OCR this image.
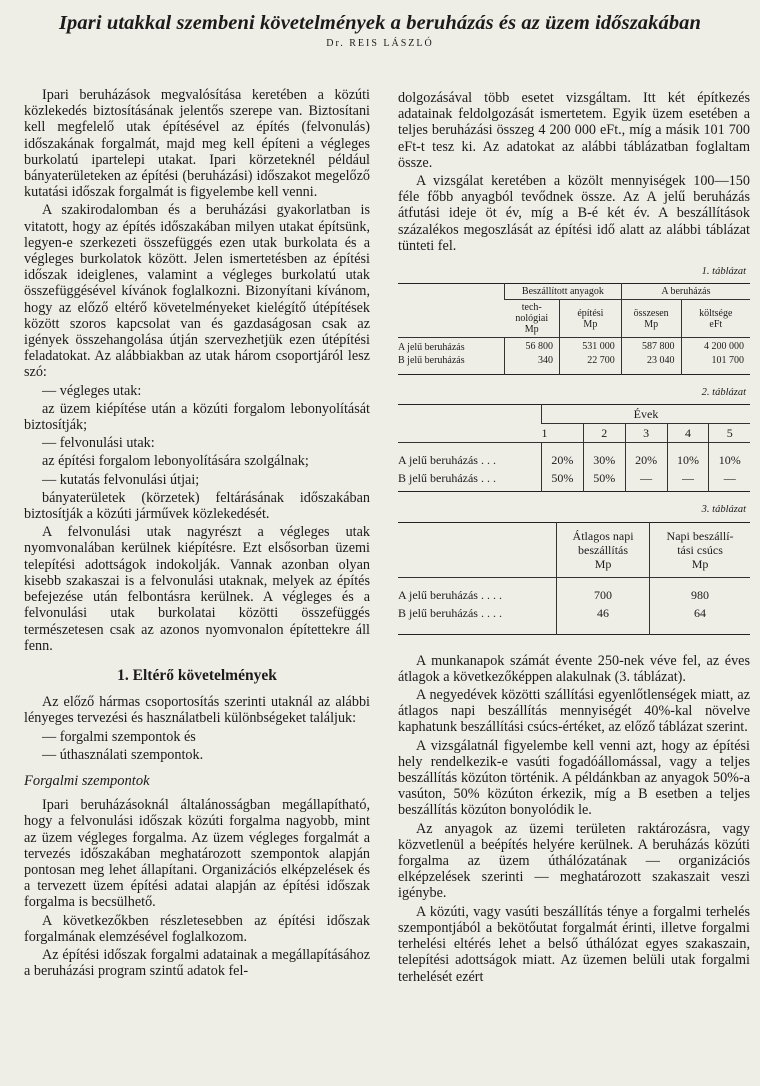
Ipari utakkal szembeni követelmények a beruházás és az üzem időszakában
Dr. REIS LÁSZLÓ

Ipari beruházások megvalósítása keretében a közúti közlekedés biztosításának jelentős szerepe van. Biztosítani kell megfelelő utak építésével az építés (felvonulás) időszakának forgalmát, majd meg kell építeni a végleges burkolatú ipartelepi utakat. Ipari körzeteknél például bányaterületeken az építési (beruházási) időszakot megelőző kutatási időszak forgalmát is figyelembe kell venni.

A szakirodalomban és a beruházási gyakorlatban is vitatott, hogy az építés időszakában milyen utakat építsünk, legyen-e szerkezeti összefüggés ezen utak burkolata és a végleges burkolatok között. Jelen ismertetésben az építési időszak ideiglenes, valamint a végleges burkolatú utak összefüggésével kívánok foglalkozni. Bizonyítani kívánom, hogy az előző eltérő követelményeket kielégítő útépítések között szoros kapcsolat van és gazdaságosan csak az igények összehangolása útján szervezhetjük ezen útépítési feladatokat. Az alábbiakban az utak három csoportjáról lesz szó:

— végleges utak:

az üzem kiépítése után a közúti forgalom lebonyolítását biztosítják;

— felvonulási utak:

az építési forgalom lebonyolítására szolgálnak;

— kutatás felvonulási útjai;

bányaterületek (körzetek) feltárásának időszakában biztosítják a közúti járművek közlekedését.

A felvonulási utak nagyrészt a végleges utak nyomvonalában kerülnek kiépítésre. Ezt elsősorban üzemi telepítési adottságok indokolják. Vannak azonban olyan kisebb szakaszai is a felvonulási utaknak, melyek az építés befejezése után felbontásra kerülnek. A végleges és a felvonulási utak burkolatai közötti összefüggés természetesen csak az azonos nyomvonalon építettekre áll fenn.

1. Eltérő követelmények

Az előző hármas csoportosítás szerinti utaknál az alábbi lényeges tervezési és használatbeli különbségeket találjuk:

— forgalmi szempontok és

— úthasználati szempontok.

Forgalmi szempontok

Ipari beruházásoknál általánosságban megállapítható, hogy a felvonulási időszak közúti forgalma nagyobb, mint az üzem végleges forgalma. Az üzem végleges forgalmát a tervezés időszakában meghatározott szempontok alapján pontosan meg lehet állapítani. Organizációs elképzelések és a tervezett üzem építési adatai alapján az építési időszak forgalma is becsülhető.

A következőkben részletesebben az építési időszak forgalmának elemzésével foglalkozom.

Az építési időszak forgalmi adatainak a megállapításához a beruházási program szintű adatok fel-

dolgozásával több esetet vizsgáltam. Itt két építkezés adatainak feldolgozását ismertetem. Egyik üzem esetében a teljes beruházási összeg 4 200 000 eFt., míg a másik 101 700 eFt-t tesz ki. Az adatokat az alábbi táblázatban foglaltam össze.

A vizsgálat keretében a közölt mennyiségek 100—150 féle főbb anyagból tevődnek össze. Az A jelű beruházás átfutási ideje öt év, míg a B-é két év. A beszállítások százalékos megoszlását az építési idő alatt az alábbi táblázat tünteti fel.

1. táblázat
	Beszállított anyagok		A beruházás	
	tech-
nológiai
Mp	építési
Mp	összesen
Mp	költsége
eFt
A jelű beruházás	56 800	531 000	587 800	4 200 000
B jelű beruházás	340	22 700	23 040	101 700
2. táblázat
	Évek				
	1	2	3	4	5
A jelű beruházás . . .	20%	30%	20%	10%	10%
B jelű beruházás . . .	50%	50%	—	—	—
3. táblázat
	Átlagos napi
beszállítás
Mp	Napi beszállí-
tási csúcs
Mp
A jelű beruházás . . . .	700	980
B jelű beruházás . . . .	46	64

A munkanapok számát évente 250-nek véve fel, az éves átlagok a következőképpen alakulnak (3. táblázat).

A negyedévek közötti szállítási egyenlőtlenségek miatt, az átlagos napi beszállítás mennyiségét 40%-kal növelve kaphatunk beszállítási csúcs-értéket, az előző táblázat szerint.

A vizsgálatnál figyelembe kell venni azt, hogy az építési hely rendelkezik-e vasúti fogadóállomással, vagy a teljes beszállítás közúton történik. A példánkban az anyagok 50%-a vasúton, 50% közúton érkezik, míg a B esetben a teljes beszállítás közúton bonyolódik le.

Az anyagok az üzemi területen raktározásra, vagy közvetlenül a beépítés helyére kerülnek. A beruházás közúti forgalma az üzem úthálózatának — organizációs elképzelések szerinti — meghatározott szakaszait veszi igénybe.

A közúti, vagy vasúti beszállítás ténye a forgalmi terhelés szempontjából a bekötőutat forgalmát érinti, illetve forgalmi terhelési eltérés lehet a belső úthálózat egyes szakaszain, telepítési adottságok miatt. Az üzemen belüli utak forgalmi terhelését ezért
